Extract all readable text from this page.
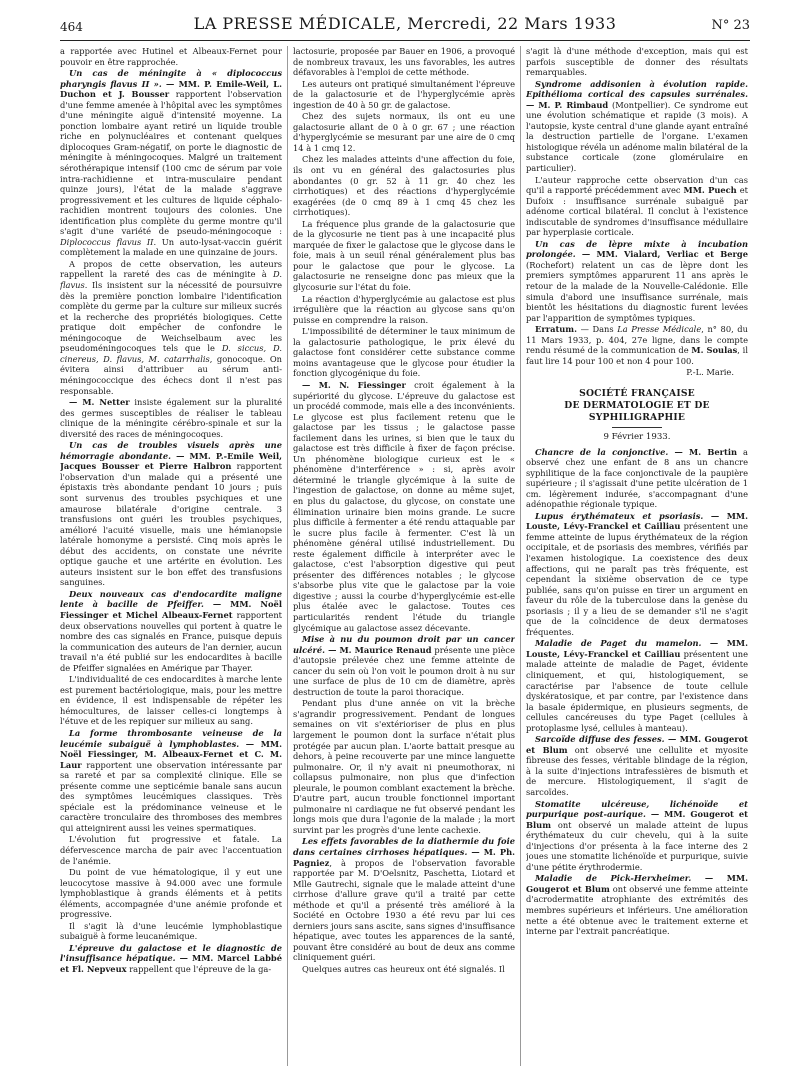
464	LA PRESSE MÉDICALE, Mercredi, 22 Mars 1933	N° 23

a rapportée avec Hutinel et Albeaux-Fernet pour pouvoir en être rapprochée.

Un cas de méningite à « diplococcus pharyngis flavus II ». — MM. P. Emile-Weil, L. Duchon et J. Bousser rapportent l'observation d'une femme amenée à l'hôpital avec les symptômes d'une méningite aiguë d'intensité moyenne. La ponction lombaire ayant retiré un liquide trouble riche en polynucléaires et contenant quelques diplocoques Gram-négatif, on porte le diagnostic de méningite à méningocoques. Malgré un traitement sérothérapique intensif (100 cmc de sérum par voie intra-rachidienne et intra-musculaire pendant quinze jours), l'état de la malade s'aggrave progressivement et les cultures de liquide céphalo-rachidien montrent toujours des colonies. Une identification plus complète du germe montre qu'il s'agit d'une variété de pseudo-méningocoque : Diplococcus flavus II. Un auto-lysat-vaccin guérit complètement la malade en une quinzaine de jours.

A propos de cette observation, les auteurs rappellent la rareté des cas de méningite à D. flavus. Ils insistent sur la nécessité de poursuivre dès la première ponction lombaire l'identification complète du germe par la culture sur milieux sucrés et la recherche des propriétés biologiques. Cette pratique doit empêcher de confondre le méningocoque de Weichselbaum avec les pseudoméningocoques tels que le D. siccus, D. cinereus, D. flavus, M. catarrhalis, gonocoque. On évitera ainsi d'attribuer au sérum anti-méningococcique des échecs dont il n'est pas responsable.

— M. Netter insiste également sur la pluralité des germes susceptibles de réaliser le tableau clinique de la méningite cérébro-spinale et sur la diversité des races de méningocoques.

Un cas de troubles visuels après une hémorragie abondante. — MM. P.-Emile Weil, Jacques Bousser et Pierre Halbron rapportent l'observation d'un malade qui a présenté une épistaxis très abondante pendant 10 jours ; puis sont survenus des troubles psychiques et une amaurose bilatérale d'origine centrale. 3 transfusions ont guéri les troubles psychiques, amélioré l'acuité visuelle, mais une hémianopsie latérale homonyme a persisté. Cinq mois après le début des accidents, on constate une névrite optique gauche et une artérite en évolution. Les auteurs insistent sur le bon effet des transfusions sanguines.

Deux nouveaux cas d'endocardite maligne lente à bacille de Pfeiffer. — MM. Noël Fiessinger et Michel Albeaux-Fernet rapportent deux observations nouvelles qui portent à quatre le nombre des cas signalés en France, puisque depuis la communication des auteurs de l'an dernier, aucun travail n'a été publié sur les endocardites à bacille de Pfeiffer signalées en Amérique par Thayer.

L'individualité de ces endocardites à marche lente est purement bactériologique, mais, pour les mettre en évidence, il est indispensable de répéter les hémocultures, de laisser celles-ci longtemps à l'étuve et de les repiquer sur milieux au sang.

La forme thrombosante veineuse de la leucémie subaiguë à lymphoblastes. — MM. Noël Fiessinger, M. Albeaux-Fernet et C. M. Laur rapportent une observation intéressante par sa rareté et par sa complexité clinique. Elle se présente comme une septicémie banale sans aucun des symptômes leucémiques classiques. Très spéciale est la prédominance veineuse et le caractère tronculaire des thromboses des membres qui atteignirent aussi les veines spermatiques.

L'évolution fut progressive et fatale. La défervescence marcha de pair avec l'accentuation de l'anémie.

Du point de vue hématologique, il y eut une leucocytose massive à 94.000 avec une formule lymphoblastique à grands éléments et à petits éléments, accompagnée d'une anémie profonde et progressive.

Il s'agit là d'une leucémie lymphoblastique subaiguë à forme leucanémique.

L'épreuve du galactose et le diagnostic de l'insuffisance hépatique. — MM. Marcel Labbé et Fl. Nepveux rappellent que l'épreuve de la ga-

lactosurie, proposée par Bauer en 1906, a provoqué de nombreux travaux, les uns favorables, les autres défavorables à l'emploi de cette méthode.

Les auteurs ont pratiqué simultanément l'épreuve de la galactosurie et de l'hyperglycémie après ingestion de 40 à 50 gr. de galactose.

Chez des sujets normaux, ils ont eu une galactosurie allant de 0 à 0 gr. 67 ; une réaction d'hyperglycémie se mesurant par une aire de 0 cmq 14 à 1 cmq 12.

Chez les malades atteints d'une affection du foie, ils ont vu en général des galactosuries plus abondantes (0 gr. 52 à 11 gr. 40 chez les cirrhotiques) et des réactions d'hyperglycémie exagérées (de 0 cmq 89 à 1 cmq 45 chez les cirrhotiques).

La fréquence plus grande de la galactosurie que de la glycosurie ne tient pas à une incapacité plus marquée de fixer le galactose que le glycose dans le foie, mais à un seuil rénal généralement plus bas pour le galactose que pour le glycose. La galactosurie ne renseigne donc pas mieux que la glycosurie sur l'état du foie.

La réaction d'hyperglycémie au galactose est plus irrégulière que la réaction au glycose sans qu'on puisse en comprendre la raison.

L'impossibilité de déterminer le taux minimum de la galactosurie pathologique, le prix élevé du galactose font considérer cette substance comme moins avantageuse que le glycose pour étudier la fonction glycogénique du foie.

— M. N. Fiessinger croit également à la supériorité du glycose. L'épreuve du galactose est un procédé commode, mais elle a des inconvénients. Le glycose est plus facilement retenu que le galactose par les tissus ; le galactose passe facilement dans les urines, si bien que le taux du galactose est très difficile à fixer de façon précise. Un phénomène biologique curieux est le « phénomène d'interférence » : si, après avoir déterminé le triangle glycémique à la suite de l'ingestion de galactose, on donne au même sujet, en plus du galactose, du glycose, on constate une élimination urinaire bien moins grande. Le sucre plus difficile à fermenter a été rendu attaquable par le sucre plus facile à fermenter. C'est là un phénomène général utilisé industriellement. Du reste également difficile à interpréter avec le galactose, c'est l'absorption digestive qui peut présenter des différences notables ; le glycose s'absorbe plus vite que le galactose par la voie digestive ; aussi la courbe d'hyperglycémie est-elle plus étalée avec le galactose. Toutes ces particularités rendent l'étude du triangle glycémique au galactose assez décevante.

Mise à nu du poumon droit par un cancer ulcéré. — M. Maurice Renaud présente une pièce d'autopsie prélevée chez une femme atteinte de cancer du sein où l'on voit le poumon droit à nu sur une surface de plus de 10 cm de diamètre, après destruction de toute la paroi thoracique.

Pendant plus d'une année on vit la brèche s'agrandir progressivement. Pendant de longues semaines on vit s'extérioriser de plus en plus largement le poumon dont la surface n'était plus protégée par aucun plan. L'aorte battait presque au dehors, à peine recouverte par une mince languette pulmonaire. Or, il n'y avait ni pneumothorax, ni collapsus pulmonaire, non plus que d'infection pleurale, le poumon comblant exactement la brèche. D'autre part, aucun trouble fonctionnel important pulmonaire ni cardiaque ne fut observé pendant les longs mois que dura l'agonie de la malade ; la mort survint par les progrès d'une lente cachexie.

Les effets favorables de la diathermie du foie dans certaines cirrhoses hépatiques. — M. Ph. Pagniez, à propos de l'observation favorable rapportée par M. D'Oelsnitz, Paschetta, Liotard et Mlle Gautrechi, signale que le malade atteint d'une cirrhose d'allure grave qu'il a traité par cette méthode et qu'il a présenté très amélioré à la Société en Octobre 1930 a été revu par lui ces derniers jours sans ascite, sans signes d'insuffisance hépatique, avec toutes les apparences de la santé, pouvant être considéré au bout de deux ans comme cliniquement guéri.

Quelques autres cas heureux ont été signalés. Il

s'agit là d'une méthode d'exception, mais qui est parfois susceptible de donner des résultats remarquables.

Syndrome addisonien à évolution rapide. Epithélioma cortical des capsules surrénales. — M. P. Rimbaud (Montpellier). Ce syndrome eut une évolution schématique et rapide (3 mois). A l'autopsie, kyste central d'une glande ayant entraîné la destruction partielle de l'organe. L'examen histologique révéla un adénome malin bilatéral de la substance corticale (zone glomérulaire en particulier).

L'auteur rapproche cette observation d'un cas qu'il a rapporté précédemment avec MM. Puech et Dufoix : insuffisance surrénale subaiguë par adénome cortical bilatéral. Il conclut à l'existence indiscutable de syndromes d'insuffisance médullaire par hyperplasie corticale.

Un cas de lèpre mixte à incubation prolongée. — MM. Vialard, Verliac et Berge (Rochefort) relatent un cas de lèpre dont les premiers symptômes apparurent 11 ans après le retour de la malade de la Nouvelle-Calédonie. Elle simula d'abord une insuffisance surrénale, mais bientôt les hésitations du diagnostic furent levées par l'apparition de symptômes typiques.

Erratum. — Dans La Presse Médicale, n° 80, du 11 Mars 1933, p. 404, 27e ligne, dans le compte rendu résumé de la communication de M. Soulas, il faut lire 14 pour 100 et non 4 pour 100.

P.-L. Marie.

SOCIÉTÉ FRANÇAISE
DE DERMATOLOGIE ET DE SYPHILIGRAPHIE
9 Février 1933.

Chancre de la conjonctive. — M. Bertin a observé chez une enfant de 8 ans un chancre syphilitique de la face conjonctivale de la paupière supérieure ; il s'agissait d'une petite ulcération de 1 cm. légèrement indurée, s'accompagnant d'une adénopathie régionale typique.

Lupus érythémateux et psoriasis. — MM. Louste, Lévy-Franckel et Cailliau présentent une femme atteinte de lupus érythémateux de la région occipitale, et de psoriasis des membres, vérifiés par l'examen histologique. La coexistence des deux affections, qui ne paraît pas très fréquente, est cependant la sixième observation de ce type publiée, sans qu'on puisse en tirer un argument en faveur du rôle de la tuberculose dans la genèse du psoriasis ; il y a lieu de se demander s'il ne s'agit que de la coïncidence de deux dermatoses fréquentes.

Maladie de Paget du mamelon. — MM. Louste, Lévy-Franckel et Cailliau présentent une malade atteinte de maladie de Paget, évidente cliniquement, et qui, histologiquement, se caractérise par l'absence de toute cellule dyskératosique, et par contre, par l'existence dans la basale épidermique, en plusieurs segments, de cellules cancéreuses du type Paget (cellules à protoplasme lysé, cellules à manteau).

Sarcoïde diffuse des fesses. — MM. Gougerot et Blum ont observé une cellulite et myosite fibreuse des fesses, véritable blindage de la région, à la suite d'injections intrafessières de bismuth et de mercure. Histologiquement, il s'agit de sarcoïdes.

Stomatite ulcéreuse, lichénoïde et purpurique post-aurique. — MM. Gougerot et Blum ont observé un malade atteint de lupus érythémateux du cuir chevelu, qui à la suite d'injections d'or présenta à la face interne des 2 joues une stomatite lichénoïde et purpurique, suivie d'une pétite érythrodermie.

Maladie de Pick-Herxheimer. — MM. Gougerot et Blum ont observé une femme atteinte d'acrodermatite atrophiante des extrémités des membres supérieurs et inférieurs. Une amélioration nette a été obtenue avec le traitement externe et interne par l'extrait pancréatique.
